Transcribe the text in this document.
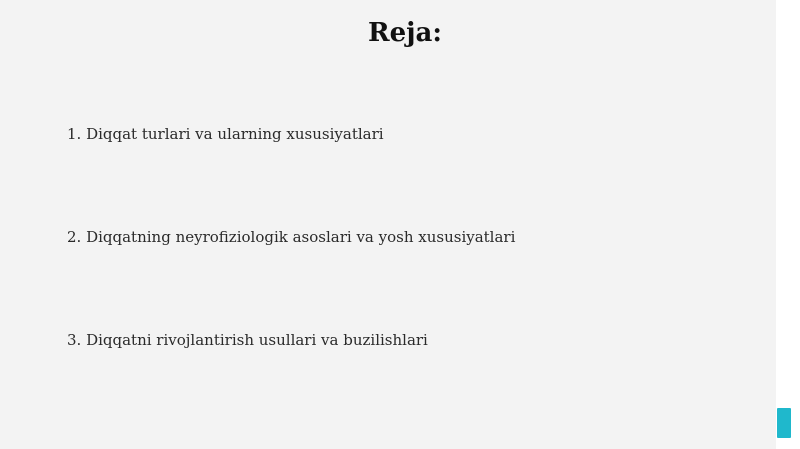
Reja:
1. Diqqat turlari va ularning xususiyatlari
2. Diqqatning neyrofiziologik asoslari va yosh xususiyatlari
3. Diqqatni rivojlantirish usullari va buzilishlari
